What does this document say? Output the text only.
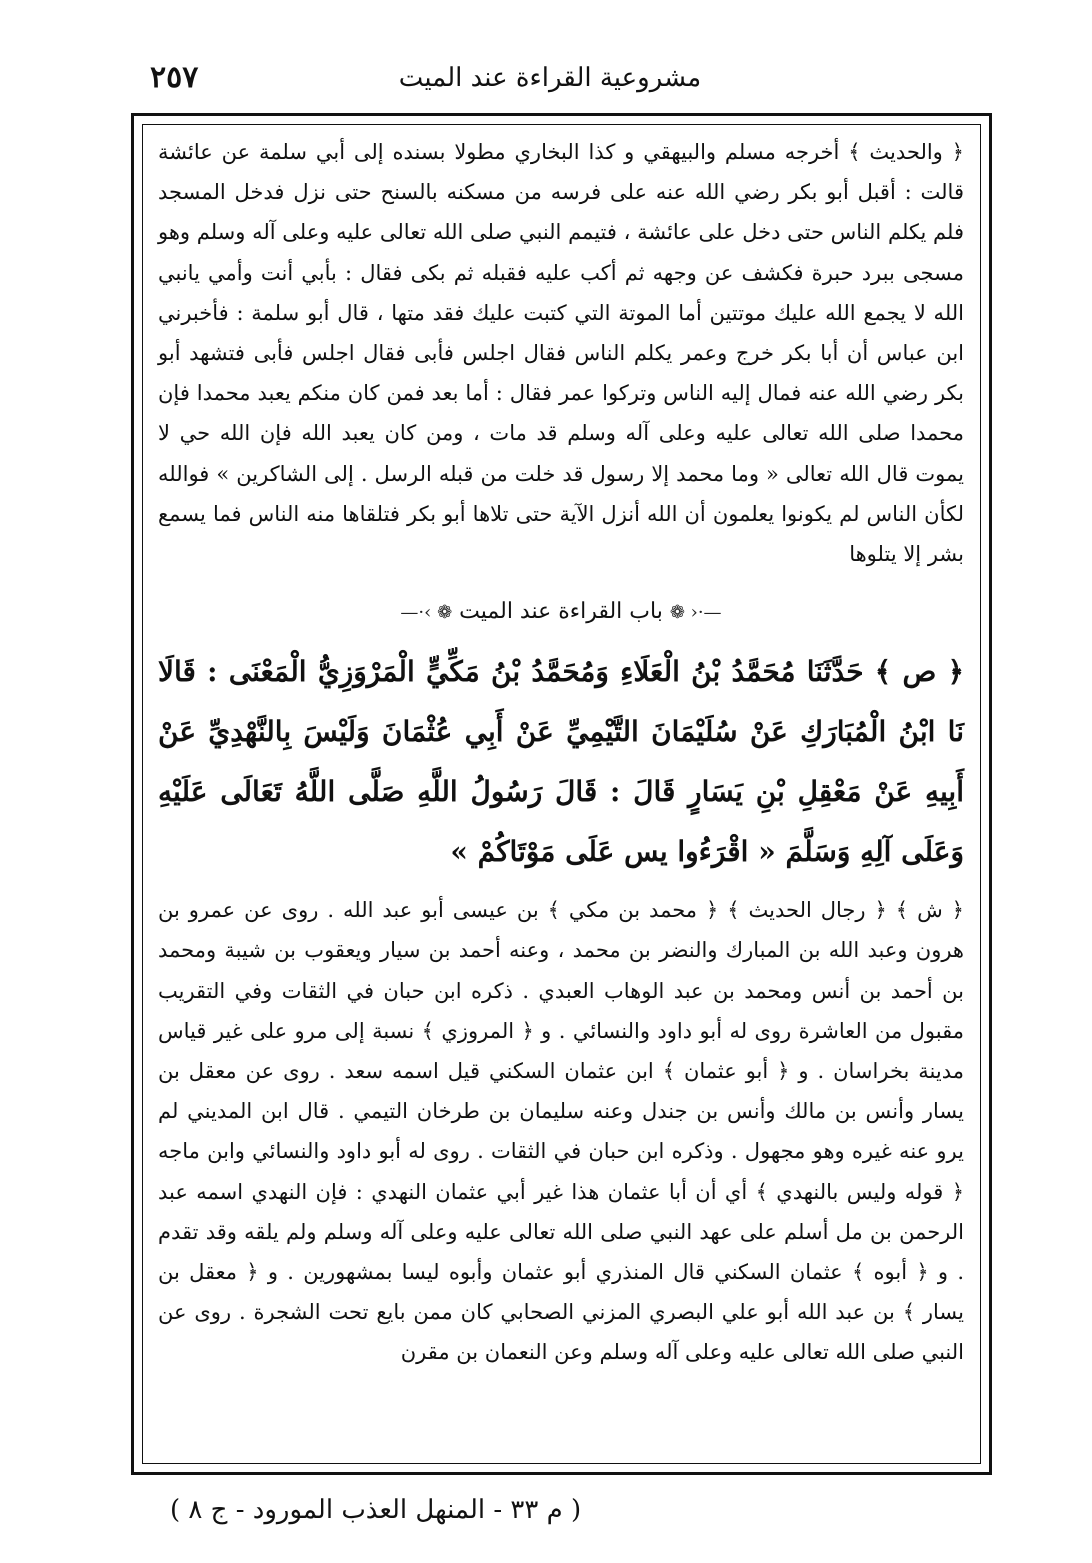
مشروعية القراءة عند الميت
٢٥٧

﴿ والحديث ﴾ أخرجه مسلم والبيهقي و كذا البخاري مطولا بسنده إلى أبي سلمة عن عائشة قالت : أقبل أبو بكر رضي الله عنه على فرسه من مسكنه بالسنح حتى نزل فدخل المسجد فلم يكلم الناس حتى دخل على عائشة ، فتيمم النبي صلى الله تعالى عليه وعلى آله وسلم وهو مسجى ببرد حبرة فكشف عن وجهه ثم أكب عليه فقبله ثم بكى فقال : بأبي أنت وأمي يانبي الله لا يجمع الله عليك موتتين أما الموتة التي كتبت عليك فقد متها ، قال أبو سلمة : فأخبرني ابن عباس أن أبا بكر خرج وعمر يكلم الناس فقال اجلس فأبى فقال اجلس فأبى فتشهد أبو بكر رضي الله عنه فمال إليه الناس وتركوا عمر فقال : أما بعد فمن كان منكم يعبد محمدا فإن محمدا صلى الله تعالى عليه وعلى آله وسلم قد مات ، ومن كان يعبد الله فإن الله حي لا يموت قال الله تعالى « وما محمد إلا رسول قد خلت من قبله الرسل . إلى الشاكرين » فوالله لكأن الناس لم يكونوا يعلمون أن الله أنزل الآية حتى تلاها أبو بكر فتلقاها منه الناس فما يسمع بشر إلا يتلوها

—·‹ ❁ باب القراءة عند الميت ❁ ›·—

﴿ ص ﴾ حَدَّثَنَا مُحَمَّدُ بْنُ الْعَلَاءِ وَمُحَمَّدُ بْنُ مَكِّيٍّ الْمَرْوَزِيُّ الْمَعْنَى : قَالَا نَا ابْنُ الْمُبَارَكِ عَنْ سُلَيْمَانَ التَّيْمِيِّ عَنْ أَبِي عُثْمَانَ وَلَيْسَ بِالنَّهْدِيِّ عَنْ أَبِيهِ عَنْ مَعْقِلِ بْنِ يَسَارٍ قَالَ : قَالَ رَسُولُ اللَّهِ صَلَّى اللَّهُ تَعَالَى عَلَيْهِ وَعَلَى آلِهِ وَسَلَّمَ « اقْرَءُوا يس عَلَى مَوْتَاكُمْ »

﴿ ش ﴾ ﴿ رجال الحديث ﴾ ﴿ محمد بن مكي ﴾ بن عيسى أبو عبد الله . روى عن عمرو بن هرون وعبد الله بن المبارك والنضر بن محمد ، وعنه أحمد بن سيار ويعقوب بن شيبة ومحمد بن أحمد بن أنس ومحمد بن عبد الوهاب العبدي . ذكره ابن حبان في الثقات وفي التقريب مقبول من العاشرة روى له أبو داود والنسائي . و ﴿ المروزي ﴾ نسبة إلى مرو على غير قياس مدينة بخراسان . و ﴿ أبو عثمان ﴾ ابن عثمان السكني قيل اسمه سعد . روى عن معقل بن يسار وأنس بن مالك وأنس بن جندل وعنه سليمان بن طرخان التيمي . قال ابن المديني لم يرو عنه غيره وهو مجهول . وذكره ابن حبان في الثقات . روى له أبو داود والنسائي وابن ماجه ﴿ قوله وليس بالنهدي ﴾ أي أن أبا عثمان هذا غير أبي عثمان النهدي : فإن النهدي اسمه عبد الرحمن بن مل أسلم على عهد النبي صلى الله تعالى عليه وعلى آله وسلم ولم يلقه وقد تقدم . و ﴿ أبوه ﴾ عثمان السكني قال المنذري أبو عثمان وأبوه ليسا بمشهورين . و ﴿ معقل بن يسار ﴾ بن عبد الله أبو علي البصري المزني الصحابي كان ممن بايع تحت الشجرة . روى عن النبي صلى الله تعالى عليه وعلى آله وسلم وعن النعمان بن مقرن

( م ٣٣ - المنهل العذب المورود - ج ٨ )
